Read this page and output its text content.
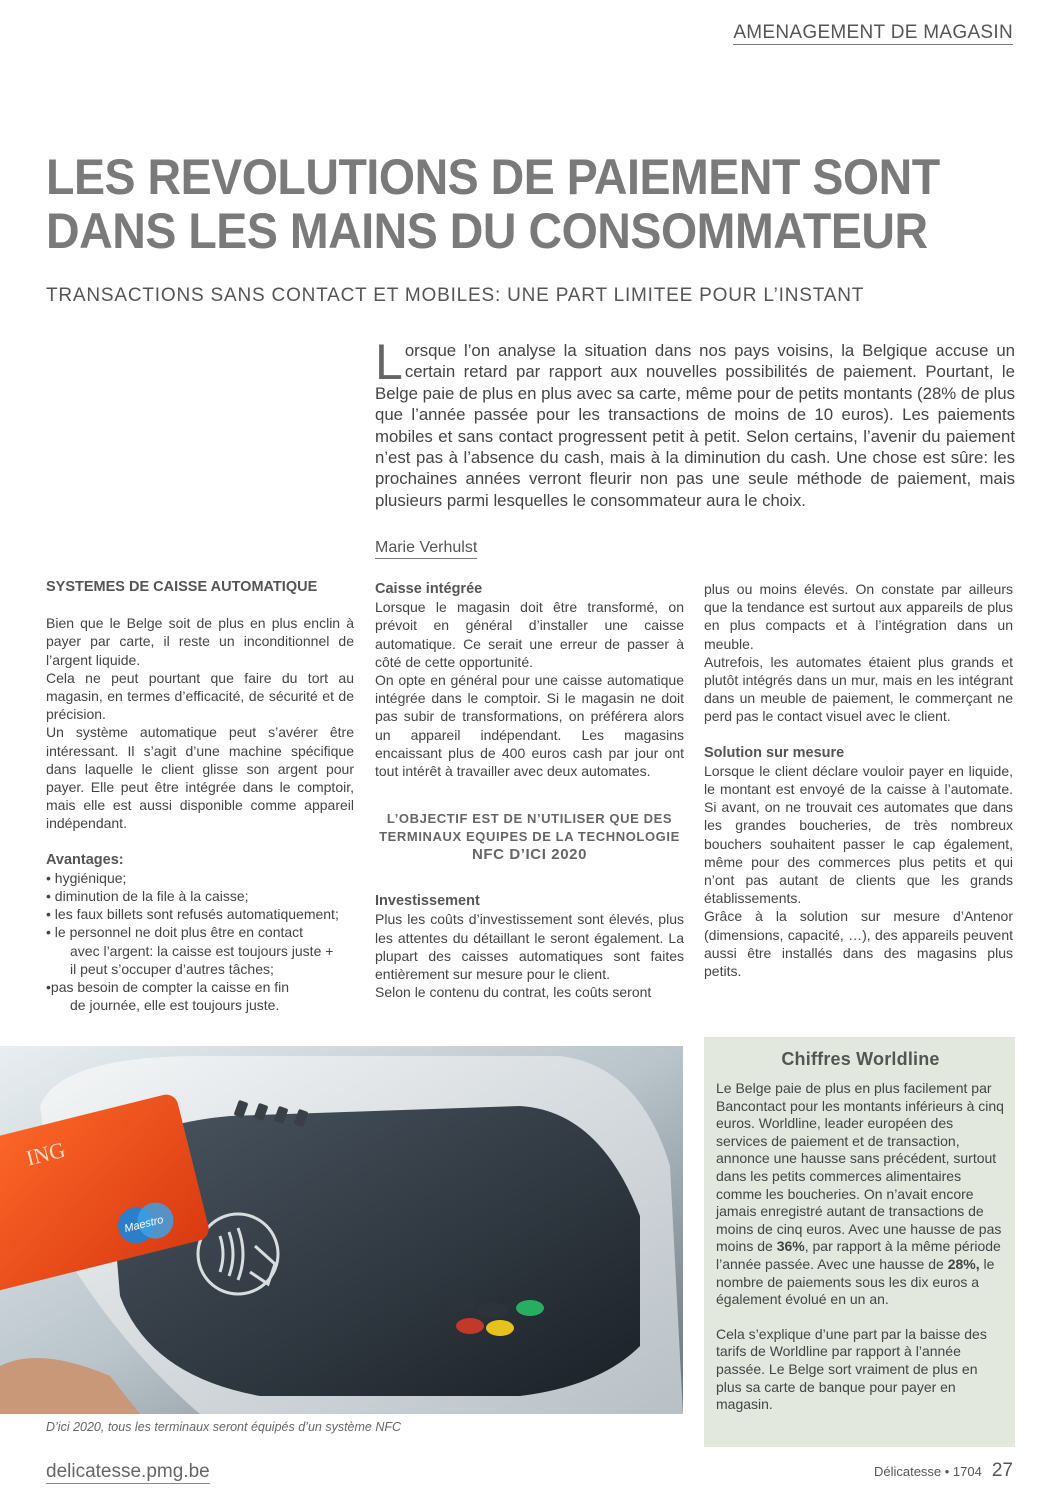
AMENAGEMENT DE MAGASIN
LES REVOLUTIONS DE PAIEMENT SONT
DANS LES MAINS DU CONSOMMATEUR
TRANSACTIONS SANS CONTACT ET MOBILES: UNE PART LIMITEE POUR L’INSTANT
Lorsque l’on analyse la situation dans nos pays voisins, la Belgique accuse un certain retard par rapport aux nouvelles possibilités de paiement. Pourtant, le Belge paie de plus en plus avec sa carte, même pour de petits montants (28% de plus que l’année passée pour les transactions de moins de 10 euros). Les paiements mobiles et sans contact progressent petit à petit. Selon certains, l’avenir du paiement n’est pas à l’absence du cash, mais à la diminution du cash. Une chose est sûre: les prochaines années verront fleurir non pas une seule méthode de paiement, mais plusieurs parmi lesquelles le consommateur aura le choix.
Marie Verhulst
SYSTEMES DE CAISSE AUTOMATIQUE

Bien que le Belge soit de plus en plus enclin à payer par carte, il reste un inconditionnel de l’argent liquide.

Cela ne peut pourtant que faire du tort au magasin, en termes d’efficacité, de sécurité et de précision.

Un système automatique peut s’avérer être intéressant. Il s’agit d’une machine spécifique dans laquelle le client glisse son argent pour payer. Elle peut être intégrée dans le comptoir, mais elle est aussi disponible comme appareil indépendant.

Avantages:
• hygiénique;
• diminution de la file à la caisse;
• les faux billets sont refusés automatiquement;
• le personnel ne doit plus être en contact
avec l’argent: la caisse est toujours juste +
il peut s’occuper d’autres tâches;
•pas besoin de compter la caisse en fin
de journée, elle est toujours juste.
Caisse intégrée

Lorsque le magasin doit être transformé, on prévoit en général d’installer une caisse automatique. Ce serait une erreur de passer à côté de cette opportunité.

On opte en général pour une caisse automatique intégrée dans le comptoir. Si le magasin ne doit pas subir de transformations, on préférera alors un appareil indépendant. Les magasins encaissant plus de 400 euros cash par jour ont tout intérêt à travailler avec deux automates.

L’OBJECTIF EST DE N’UTILISER QUE DES
TERMINAUX EQUIPES DE LA TECHNOLOGIE
NFC D’ICI 2020
Investissement

Plus les coûts d’investissement sont élevés, plus les attentes du détaillant le seront également. La plupart des caisses automatiques sont faites entièrement sur mesure pour le client.

Selon le contenu du contrat, les coûts seront

plus ou moins élevés. On constate par ailleurs que la tendance est surtout aux appareils de plus en plus compacts et à l’intégration dans un meuble.

Autrefois, les automates étaient plus grands et plutôt intégrés dans un mur, mais en les intégrant dans un meuble de paiement, le commerçant ne perd pas le contact visuel avec le client.

Solution sur mesure

Lorsque le client déclare vouloir payer en liquide, le montant est envoyé de la caisse à l’automate. Si avant, on ne trouvait ces automates que dans les grandes boucheries, de très nombreux bouchers souhaitent passer le cap également, même pour des commerces plus petits et qui n’ont pas autant de clients que les grands établissements.

Grâce à la solution sur mesure d’Antenor (dimensions, capacité, …), des appareils peuvent aussi être installés dans des magasins plus petits.

ING
Maestro
D’ici 2020, tous les terminaux seront équipés d’un système NFC
Chiffres Worldline

Le Belge paie de plus en plus facilement par Bancontact pour les montants inférieurs à cinq euros. Worldline, leader européen des services de paiement et de transaction, annonce une hausse sans précédent, surtout dans les petits commerces alimentaires comme les boucheries. On n’avait encore jamais enregistré autant de transactions de moins de cinq euros. Avec une hausse de pas moins de 36%, par rapport à la même période l’année passée. Avec une hausse de 28%, le nombre de paiements sous les dix euros a également évolué en un an.

Cela s’explique d’une part par la baisse des tarifs de Worldline par rapport à l’année passée. Le Belge sort vraiment de plus en plus sa carte de banque pour payer en magasin.

delicatesse.pmg.be	Délicatesse • 1704 27
